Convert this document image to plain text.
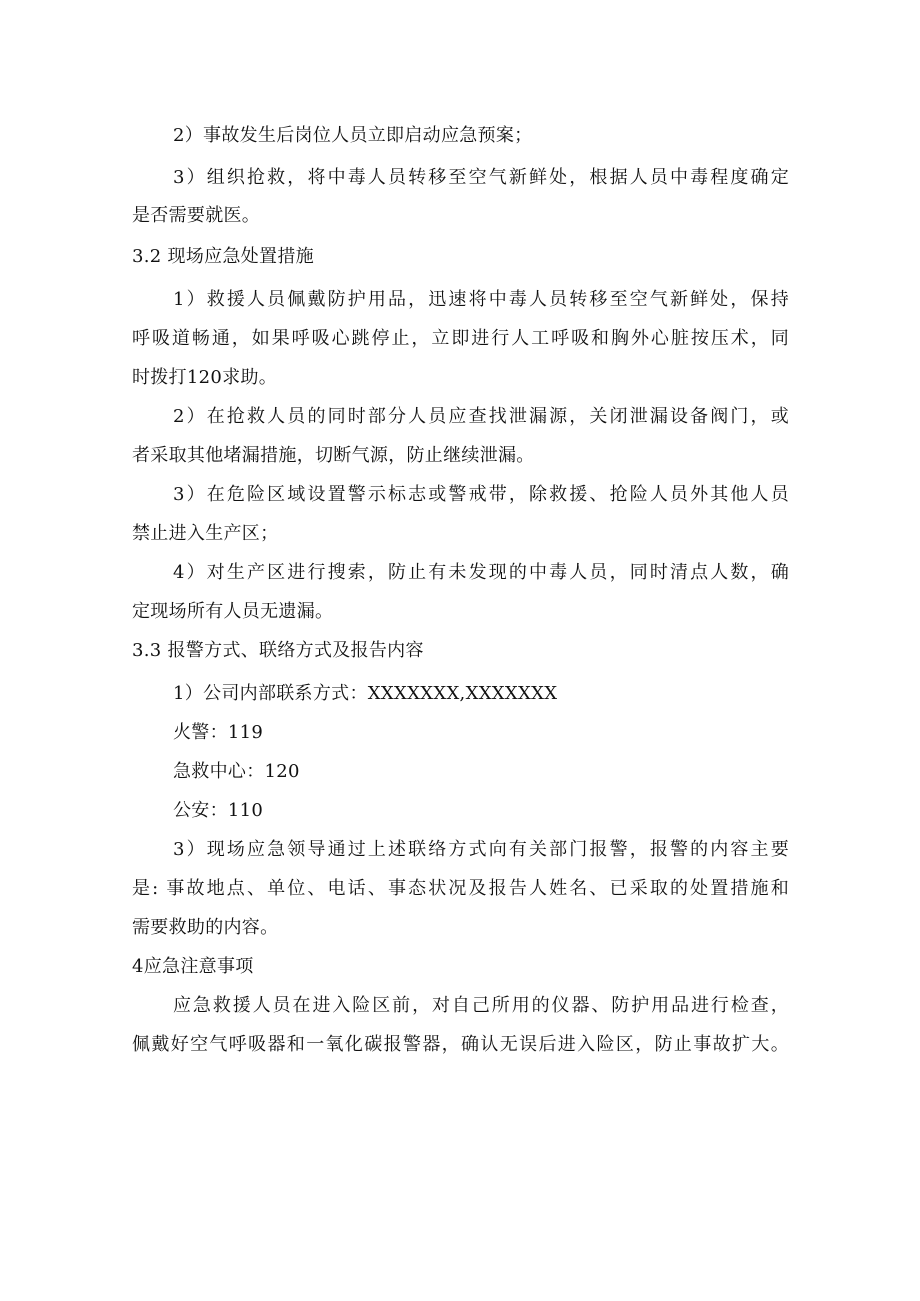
2）事故发生后岗位人员立即启动应急预案；
3）组织抢救，将中毒人员转移至空气新鲜处，根据人员中毒程度确定
是否需要就医。
3.2 现场应急处置措施
1）救援人员佩戴防护用品，迅速将中毒人员转移至空气新鲜处，保持
呼吸道畅通，如果呼吸心跳停止，立即进行人工呼吸和胸外心脏按压术，同
时拨打120求助。
2）在抢救人员的同时部分人员应查找泄漏源，关闭泄漏设备阀门，或
者采取其他堵漏措施，切断气源，防止继续泄漏。
3）在危险区域设置警示标志或警戒带，除救援、抢险人员外其他人员
禁止进入生产区；
4）对生产区进行搜索，防止有未发现的中毒人员，同时清点人数，确
定现场所有人员无遗漏。
3.3 报警方式、联络方式及报告内容
1）公司内部联系方式：XXXXXXX,XXXXXXX
火警：119
急救中心：120
公安：110
3）现场应急领导通过上述联络方式向有关部门报警，报警的内容主要
是: 事故地点、单位、电话、事态状况及报告人姓名、已采取的处置措施和
需要救助的内容。
4应急注意事项
应急救援人员在进入险区前，对自己所用的仪器、防护用品进行检查，
佩戴好空气呼吸器和一氧化碳报警器，确认无误后进入险区，防止事故扩大。
